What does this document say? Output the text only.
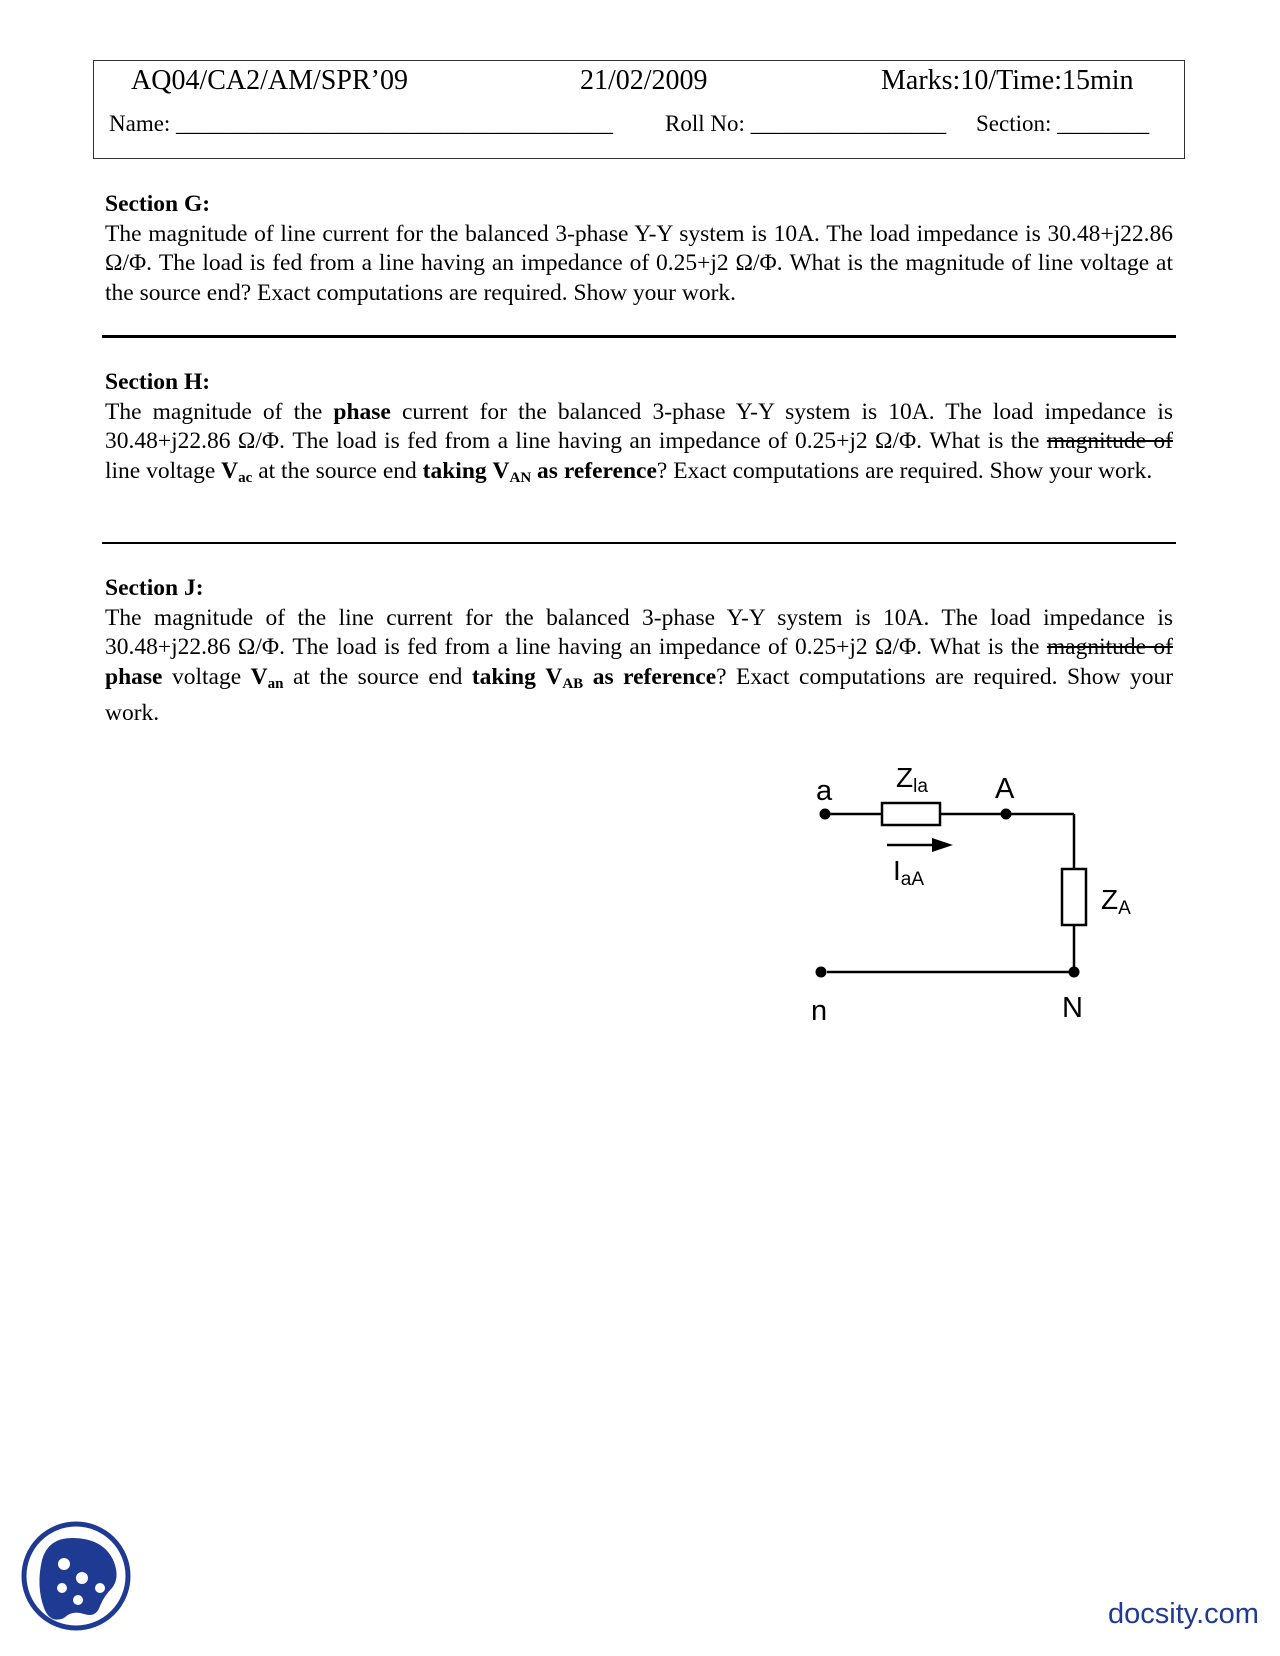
AQ04/CA2/AM/SPR’09	21/02/2009	Marks:10/Time:15min
Name: ______________________________________ Roll No: _________________ Section: ________
Section G:

The magnitude of line current for the balanced 3-phase Y-Y system is 10A. The load impedance is 30.48+j22.86 Ω/Φ. The load is fed from a line having an impedance of 0.25+j2 Ω/Φ. What is the magnitude of line voltage at the source end? Exact computations are required. Show your work.

Section H:

The magnitude of the phase current for the balanced 3-phase Y-Y system is 10A. The load impedance is 30.48+j22.86 Ω/Φ. The load is fed from a line having an impedance of 0.25+j2 Ω/Φ. What is the magnitude of line voltage $V_{ac}$ at the source end taking $V_{AN}$ as reference? Exact computations are required. Show your work.

Section J:

The magnitude of the line current for the balanced 3-phase Y-Y system is 10A. The load impedance is 30.48+j22.86 Ω/Φ. The load is fed from a line having an impedance of 0.25+j2 Ω/Φ. What is the magnitude of phase voltage $V_{an}$ at the source end taking $V_{AB}$ as reference? Exact computations are required. Show your work.

a	A
n	N
Zla
ZA
IaA
docsity.com
